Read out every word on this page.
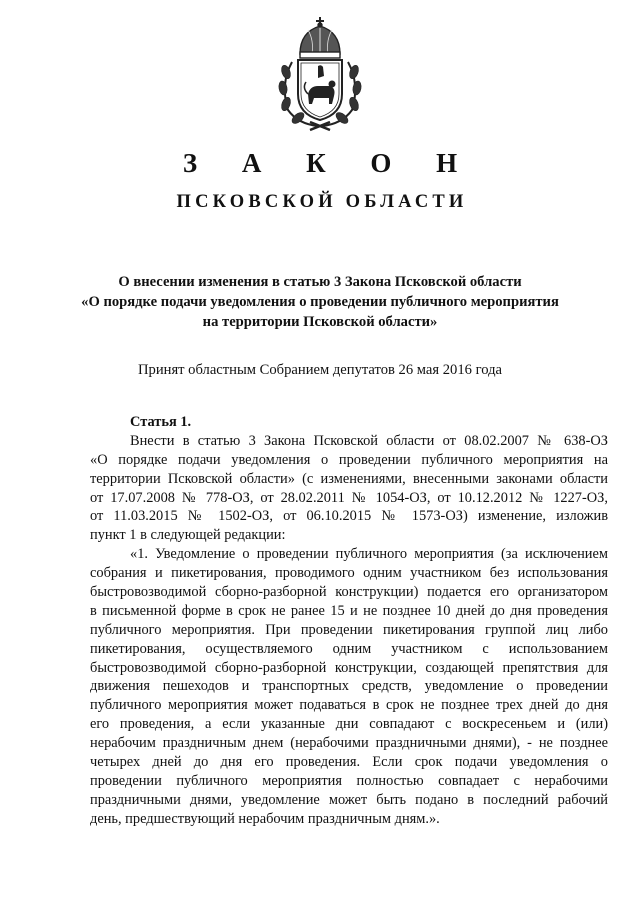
З А К О Н
ПСКОВСКОЙ ОБЛАСТИ
О внесении изменения в статью 3 Закона Псковской области
«О порядке подачи уведомления о проведении публичного мероприятия
на территории Псковской области»
Принят областным Собранием депутатов 26 мая 2016 года
Статья 1.
Внести в статью 3 Закона Псковской области от 08.02.2007 № 638-ОЗ
«О порядке подачи уведомления о проведении публичного мероприятия на
территории Псковской области» (с изменениями, внесенными законами области
от 17.07.2008 № 778-ОЗ, от 28.02.2011 № 1054-ОЗ, от 10.12.2012 № 1227-ОЗ,
от 11.03.2015 № 1502-ОЗ, от 06.10.2015 № 1573-ОЗ) изменение, изложив
пункт 1 в следующей редакции:
«1. Уведомление о проведении публичного мероприятия (за исключением
собрания и пикетирования, проводимого одним участником без использования
быстровозводимой сборно-разборной конструкции) подается его организатором
в письменной форме в срок не ранее 15 и не позднее 10 дней до дня проведения
публичного мероприятия. При проведении пикетирования группой лиц либо
пикетирования, осуществляемого одним участником с использованием
быстровозводимой сборно-разборной конструкции, создающей препятствия для
движения пешеходов и транспортных средств, уведомление о проведении
публичного мероприятия может подаваться в срок не позднее трех дней до дня
его проведения, а если указанные дни совпадают с воскресеньем и (или)
нерабочим праздничным днем (нерабочими праздничными днями), - не позднее
четырех дней до дня его проведения. Если срок подачи уведомления о
проведении публичного мероприятия полностью совпадает с нерабочими
праздничными днями, уведомление может быть подано в последний рабочий
день, предшествующий нерабочим праздничным дням.».
